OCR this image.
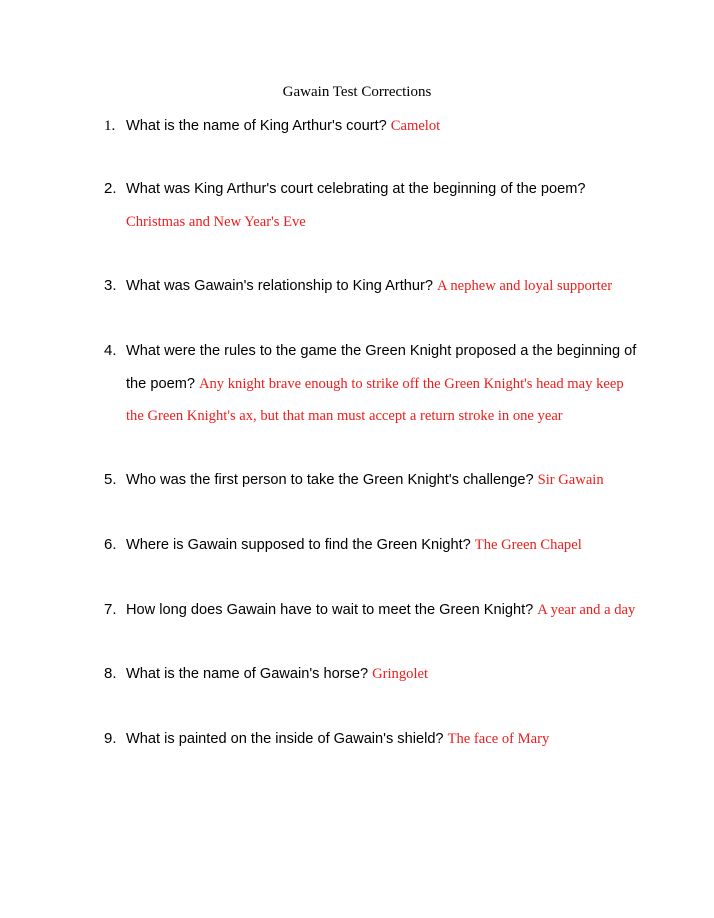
Gawain Test Corrections
1. What is the name of King Arthur's court? Camelot
2. What was King Arthur's court celebrating at the beginning of the poem? Christmas and New Year's Eve
3. What was Gawain's relationship to King Arthur? A nephew and loyal supporter
4. What were the rules to the game the Green Knight proposed a the beginning of the poem? Any knight brave enough to strike off the Green Knight's head may keep the Green Knight's ax, but that man must accept a return stroke in one year
5. Who was the first person to take the Green Knight's challenge? Sir Gawain
6. Where is Gawain supposed to find the Green Knight? The Green Chapel
7. How long does Gawain have to wait to meet the Green Knight? A year and a day
8. What is the name of Gawain's horse? Gringolet
9. What is painted on the inside of Gawain's shield? The face of Mary
